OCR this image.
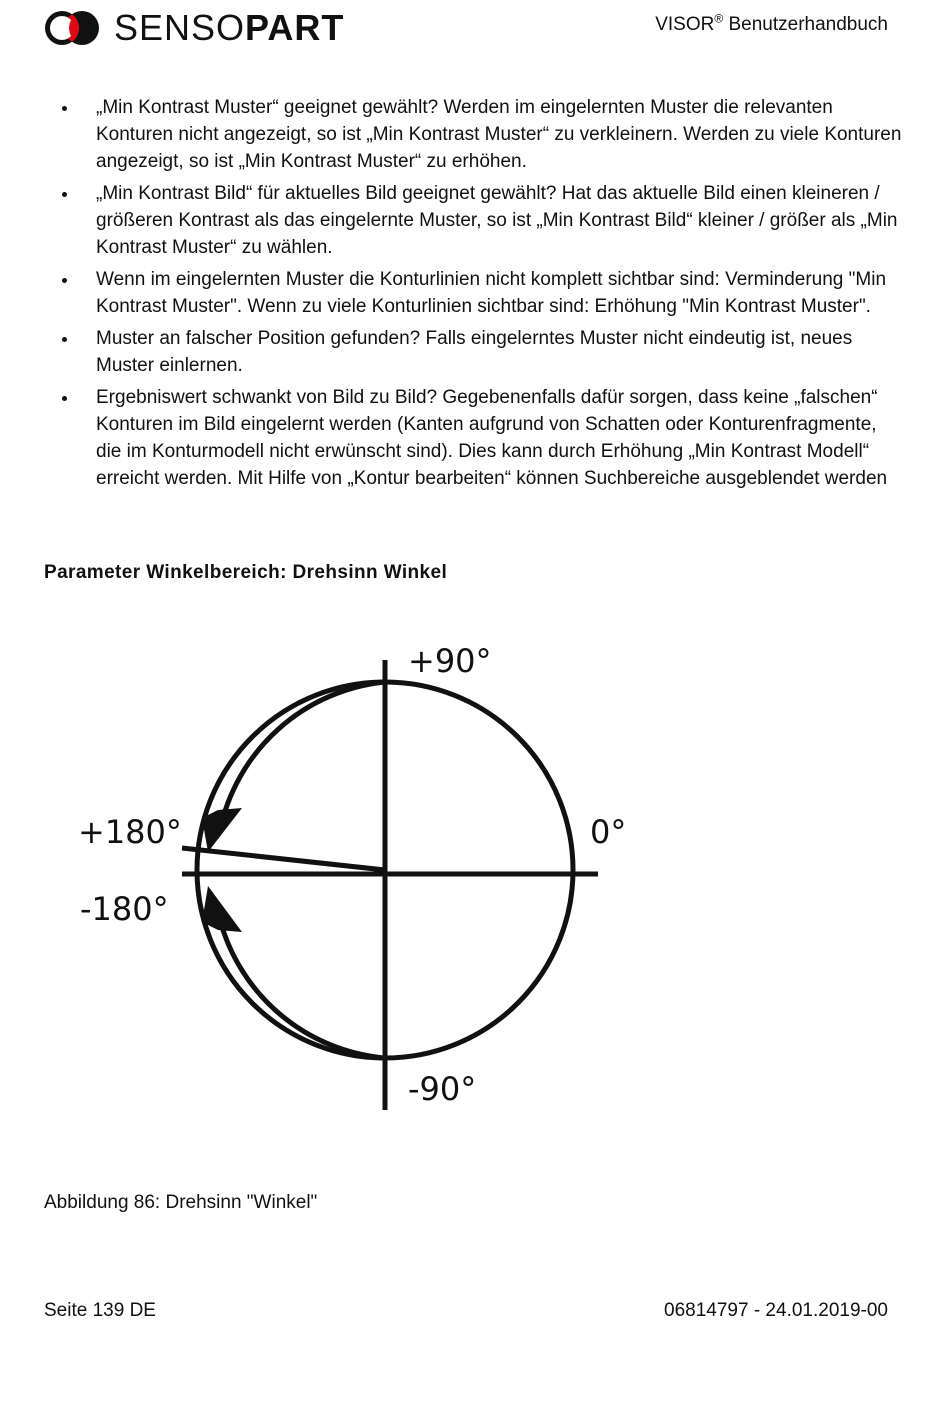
SENSOPART	VISOR® Benutzerhandbuch
„Min Kontrast Muster“ geeignet gewählt? Werden im eingelernten Muster die relevanten Konturen nicht angezeigt, so ist „Min Kontrast Muster“ zu verkleinern. Werden zu viele Konturen angezeigt, so ist „Min Kontrast Muster“ zu erhöhen.
„Min Kontrast Bild“ für aktuelles Bild geeignet gewählt? Hat das aktuelle Bild einen kleineren / größeren Kontrast als das eingelernte Muster, so ist „Min Kontrast Bild“ kleiner / größer als „Min Kontrast Muster“ zu wählen.
Wenn im eingelernten Muster die Konturlinien nicht komplett sichtbar sind: Verminderung "Min Kontrast Muster". Wenn zu viele Konturlinien sichtbar sind: Erhöhung "Min Kontrast Muster".
Muster an falscher Position gefunden? Falls eingelerntes Muster nicht eindeutig ist, neues Muster einlernen.
Ergebniswert schwankt von Bild zu Bild? Gegebenenfalls dafür sorgen, dass keine „falschen“ Konturen im Bild eingelernt werden (Kanten aufgrund von Schatten oder Konturenfragmente, die im Konturmodell nicht erwünscht sind). Dies kann durch Erhöhung „Min Kontrast Modell“ erreicht werden. Mit Hilfe von „Kontur bearbeiten“ können Suchbereiche ausgeblendet werden
Parameter Winkelbereich: Drehsinn Winkel
+90°
0°
+180°
-180°
-90°
Abbildung 86: Drehsinn "Winkel"
Seite 139 DE	06814797 - 24.01.2019-00
